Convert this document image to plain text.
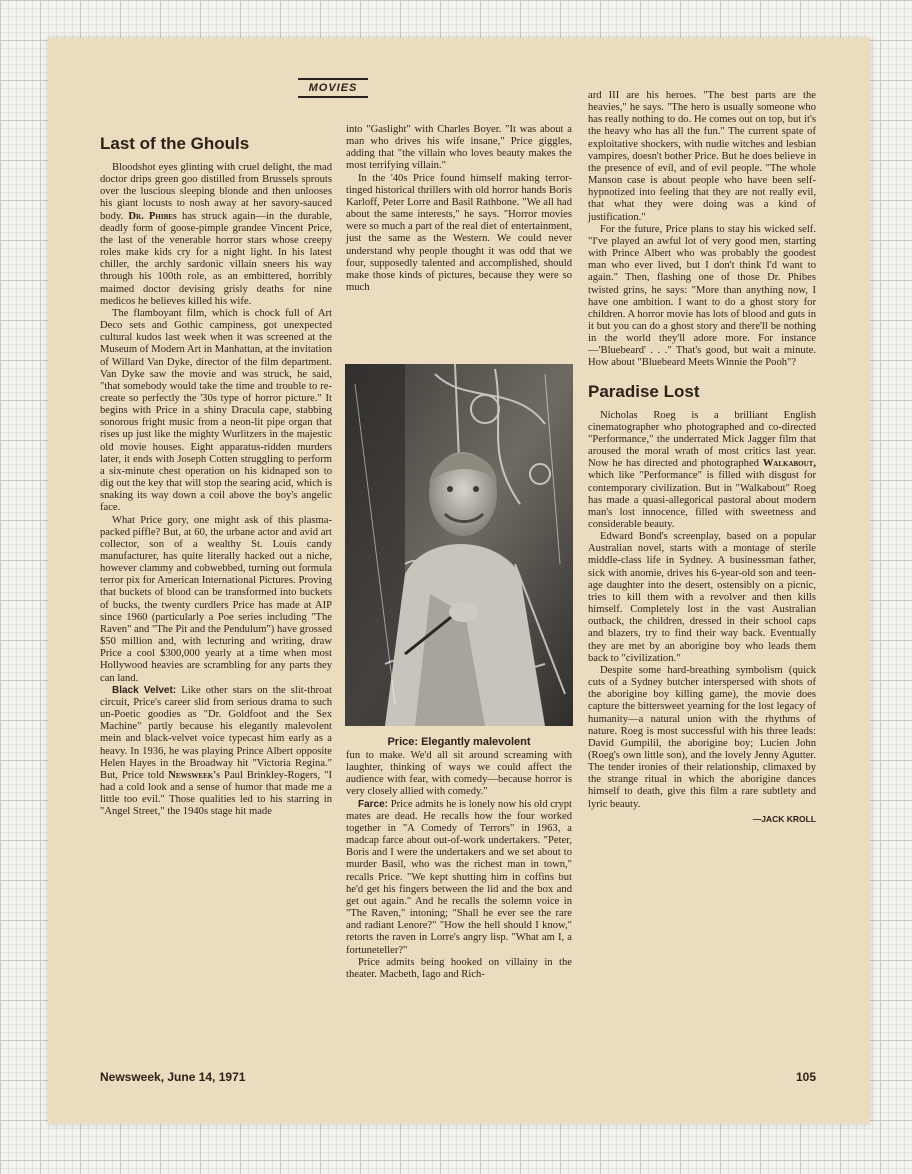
MOVIES
Last of the Ghouls

Bloodshot eyes glinting with cruel delight, the mad doctor drips green goo distilled from Brussels sprouts over the luscious sleeping blonde and then unlooses his giant locusts to nosh away at her savory-sauced body. Dr. Phibes has struck again—in the durable, deadly form of goose-pimple grandee Vincent Price, the last of the venerable horror stars whose creepy roles make kids cry for a night light. In his latest chiller, the archly sardonic villain sneers his way through his 100th role, as an embittered, horribly maimed doctor devising grisly deaths for nine medicos he believes killed his wife.

The flamboyant film, which is chock full of Art Deco sets and Gothic campiness, got unexpected cultural kudos last week when it was screened at the Museum of Modern Art in Manhattan, at the invitation of Willard Van Dyke, director of the film department. Van Dyke saw the movie and was struck, he said, "that somebody would take the time and trouble to re-create so perfectly the '30s type of horror picture." It begins with Price in a shiny Dracula cape, stabbing sonorous fright music from a neon-lit pipe organ that rises up just like the mighty Wurlitzers in the majestic old movie houses. Eight apparatus-ridden murders later, it ends with Joseph Cotten struggling to perform a six-minute chest operation on his kidnaped son to dig out the key that will stop the searing acid, which is snaking its way down a coil above the boy's angelic face.

What Price gory, one might ask of this plasma-packed piffle? But, at 60, the urbane actor and avid art collector, son of a wealthy St. Louis candy manufacturer, has quite literally hacked out a niche, however clammy and cobwebbed, turning out formula terror pix for American International Pictures. Proving that buckets of blood can be transformed into buckets of bucks, the twenty curdlers Price has made at AIP since 1960 (particularly a Poe series including "The Raven" and "The Pit and the Pendulum") have grossed $50 million and, with lecturing and writing, draw Price a cool $300,000 yearly at a time when most Hollywood heavies are scrambling for any parts they can land.

Black Velvet: Like other stars on the slit-throat circuit, Price's career slid from serious drama to such un-Poetic goodies as "Dr. Goldfoot and the Sex Machine" partly because his elegantly malevolent mein and black-velvet voice typecast him early as a heavy. In 1936, he was playing Prince Albert opposite Helen Hayes in the Broadway hit "Victoria Regina." But, Price told Newsweek's Paul Brinkley-Rogers, "I had a cold look and a sense of humor that made me a little too evil." Those qualities led to his starring in "Angel Street," the 1940s stage hit made

into "Gaslight" with Charles Boyer. "It was about a man who drives his wife insane," Price giggles, adding that "the villain who loves beauty makes the most terrifying villain."

In the '40s Price found himself making terror-tinged historical thrillers with old horror hands Boris Karloff, Peter Lorre and Basil Rathbone. "We all had about the same interests," he says. "Horror movies were so much a part of the real diet of entertainment, just the same as the Western. We could never understand why people thought it was odd that we four, supposedly talented and accomplished, should make those kinds of pictures, because they were so much

Price: Elegantly malevolent

fun to make. We'd all sit around screaming with laughter, thinking of ways we could affect the audience with fear, with comedy—because horror is very closely allied with comedy."

Farce: Price admits he is lonely now his old crypt mates are dead. He recalls how the four worked together in "A Comedy of Terrors" in 1963, a madcap farce about out-of-work undertakers. "Peter, Boris and I were the undertakers and we set about to murder Basil, who was the richest man in town," recalls Price. "We kept shutting him in coffins but he'd get his fingers between the lid and the box and get out again." And he recalls the solemn voice in "The Raven," intoning; "Shall he ever see the rare and radiant Lenore?" "How the hell should I know," retorts the raven in Lorre's angry lisp. "What am I, a fortuneteller?"

Price admits being hooked on villainy in the theater. Macbeth, Iago and Rich-

ard III are his heroes. "The best parts are the heavies," he says. "The hero is usually someone who has really nothing to do. He comes out on top, but it's the heavy who has all the fun." The current spate of exploitative shockers, with nudie witches and lesbian vampires, doesn't bother Price. But he does believe in the presence of evil, and of evil people. "The whole Manson case is about people who have been self-hypnotized into feeling that they are not really evil, that what they were doing was a kind of justification."

For the future, Price plans to stay his wicked self. "I've played an awful lot of very good men, starting with Prince Albert who was probably the goodest man who ever lived, but I don't think I'd want to again." Then, flashing one of those Dr. Phibes twisted grins, he says: "More than anything now, I have one ambition. I want to do a ghost story for children. A horror movie has lots of blood and guts in it but you can do a ghost story and there'll be nothing in the world they'll adore more. For instance—'Bluebeard' . . ." That's good, but wait a minute. How about "Bluebeard Meets Winnie the Pooh"?

Paradise Lost

Nicholas Roeg is a brilliant English cinematographer who photographed and co-directed "Performance," the underrated Mick Jagger film that aroused the moral wrath of most critics last year. Now he has directed and photographed Walkabout, which like "Performance" is filled with disgust for contemporary civilization. But in "Walkabout" Roeg has made a quasi-allegorical pastoral about modern man's lost innocence, filled with sweetness and considerable beauty.

Edward Bond's screenplay, based on a popular Australian novel, starts with a montage of sterile middle-class life in Sydney. A businessman father, sick with anomie, drives his 6-year-old son and teen-age daughter into the desert, ostensibly on a picnic, tries to kill them with a revolver and then kills himself. Completely lost in the vast Australian outback, the children, dressed in their school caps and blazers, try to find their way back. Eventually they are met by an aborigine boy who leads them back to "civilization."

Despite some hard-breathing symbolism (quick cuts of a Sydney butcher interspersed with shots of the aborigine boy killing game), the movie does capture the bittersweet yearning for the lost legacy of humanity—a natural union with the rhythms of nature. Roeg is most successful with his three leads: David Gumpilil, the aborigine boy; Lucien John (Roeg's own little son), and the lovely Jenny Agutter. The tender ironies of their relationship, climaxed by the strange ritual in which the aborigine dances himself to death, give this film a rare subtlety and lyric beauty.

—JACK KROLL
Newsweek, June 14, 1971	105
